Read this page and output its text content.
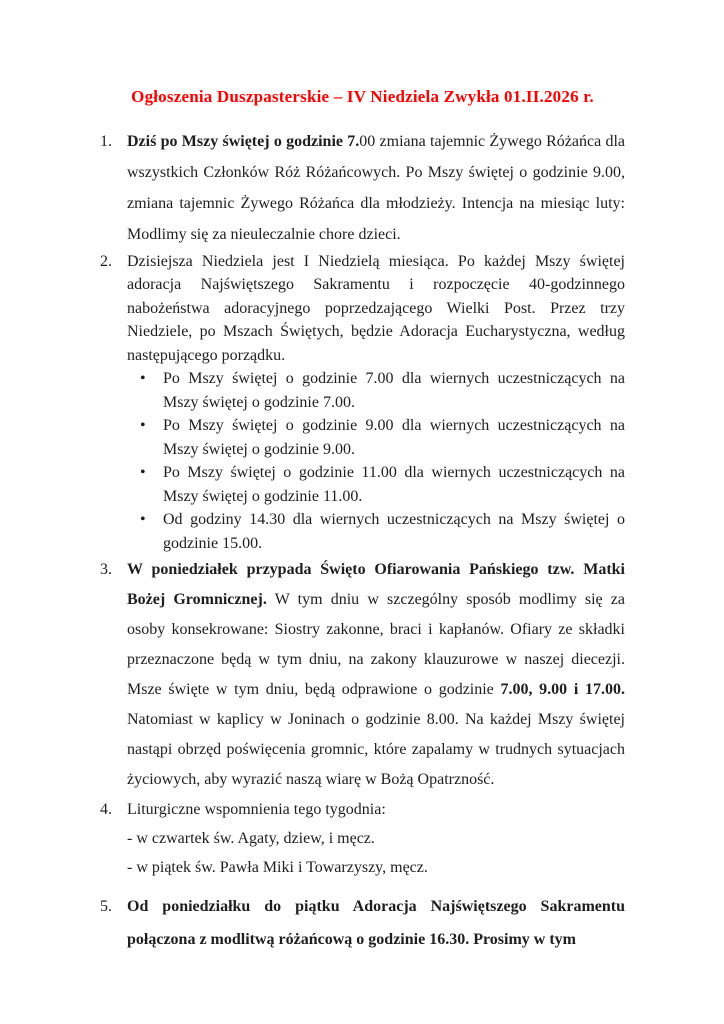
Ogłoszenia Duszpasterskie – IV Niedziela Zwykła 01.II.2026 r.
1. Dziś po Mszy świętej o godzinie 7.00 zmiana tajemnic Żywego Różańca dla wszystkich Członków Róż Różańcowych. Po Mszy świętej o godzinie 9.00, zmiana tajemnic Żywego Różańca dla młodzieży. Intencja na miesiąc luty: Modlimy się za nieuleczalnie chore dzieci.
2. Dzisiejsza Niedziela jest I Niedzielą miesiąca. Po każdej Mszy świętej adoracja Najświętszego Sakramentu i rozpoczęcie 40-godzinnego nabożeństwa adoracyjnego poprzedzającego Wielki Post. Przez trzy Niedziele, po Mszach Świętych, będzie Adoracja Eucharystyczna, według następującego porządku.
•	Po Mszy świętej o godzinie 7.00 dla wiernych uczestniczących na Mszy świętej o godzinie 7.00.
•	Po Mszy świętej o godzinie 9.00 dla wiernych uczestniczących na Mszy świętej o godzinie 9.00.
•	Po Mszy świętej o godzinie 11.00 dla wiernych uczestniczących na Mszy świętej o godzinie 11.00.
•	Od godziny 14.30 dla wiernych uczestniczących na Mszy świętej o godzinie 15.00.
3. W poniedziałek przypada Święto Ofiarowania Pańskiego tzw. Matki Bożej Gromnicznej. W tym dniu w szczególny sposób modlimy się za osoby konsekrowane: Siostry zakonne, braci i kapłanów. Ofiary ze składki przeznaczone będą w tym dniu, na zakony klauzurowe w naszej diecezji. Msze święte w tym dniu, będą odprawione o godzinie 7.00, 9.00 i 17.00. Natomiast w kaplicy w Joninach o godzinie 8.00. Na każdej Mszy świętej nastąpi obrzęd poświęcenia gromnic, które zapalamy w trudnych sytuacjach życiowych, aby wyrazić naszą wiarę w Bożą Opatrzność.
4. Liturgiczne wspomnienia tego tygodnia:
- w czwartek św. Agaty, dziew, i męcz.
- w piątek św. Pawła Miki i Towarzyszy, męcz.
5. Od poniedziałku do piątku Adoracja Najświętszego Sakramentu połączona z modlitwą różańcową o godzinie 16.30. Prosimy w tym
